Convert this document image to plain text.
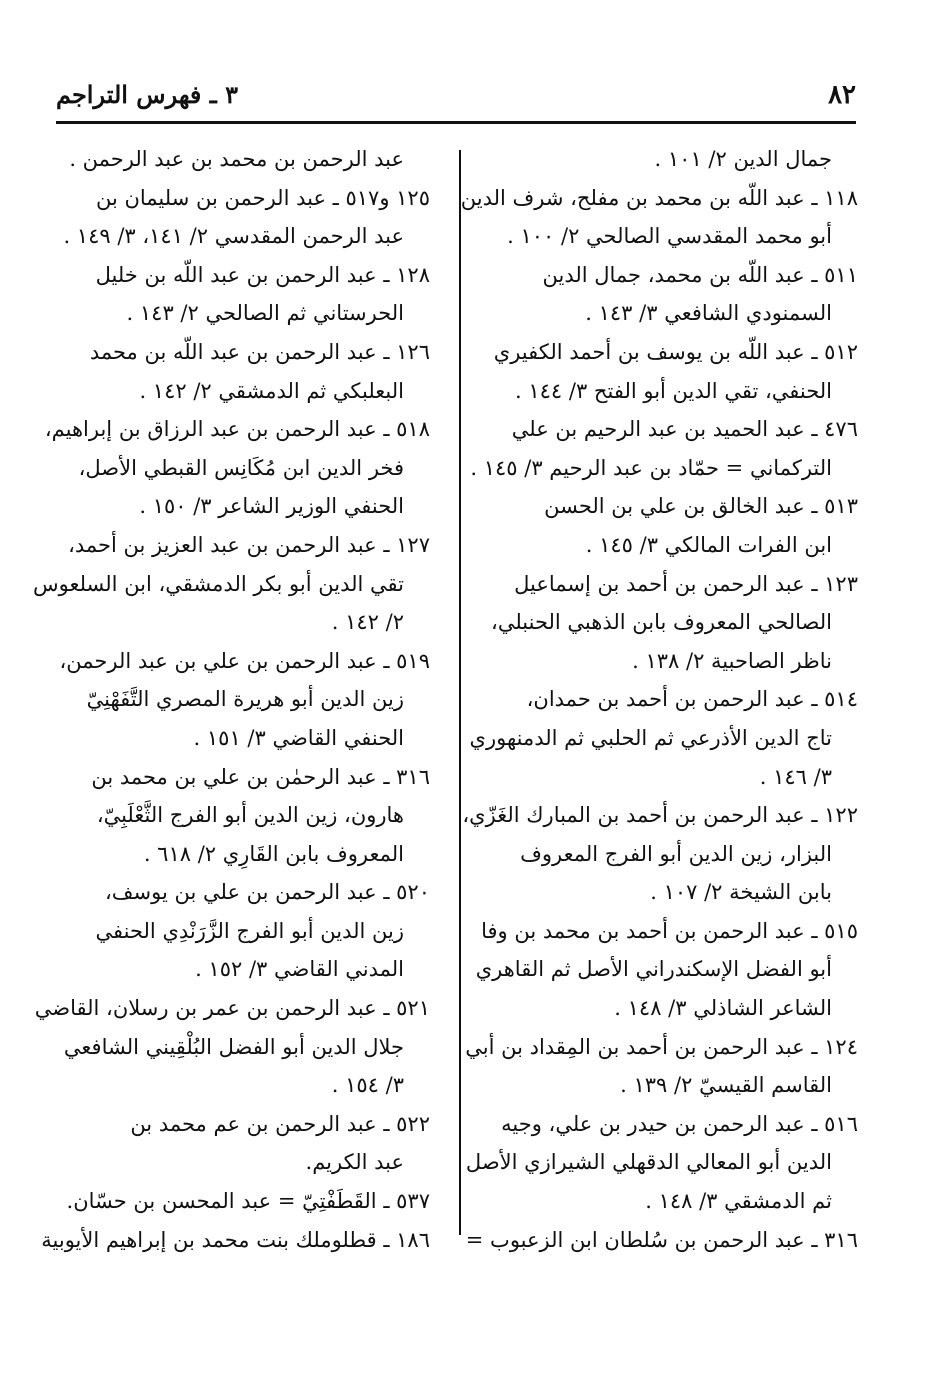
٨٢
٣ ـ فهرس التراجم
جمال الدين ٢/ ١٠١ .
١١٨ ـ عبد اللّه بن محمد بن مفلح، شرف الدين
أبو محمد المقدسي الصالحي ٢/ ١٠٠ .
٥١١ ـ عبد اللّه بن محمد، جمال الدين
السمنودي الشافعي ٣/ ١٤٣ .
٥١٢ ـ عبد اللّه بن يوسف بن أحمد الكفيري
الحنفي، تقي الدين أبو الفتح ٣/ ١٤٤ .
٤٧٦ ـ عبد الحميد بن عبد الرحيم بن علي
التركماني = حمّاد بن عبد الرحيم ٣/ ١٤٥ .
٥١٣ ـ عبد الخالق بن علي بن الحسن
ابن الفرات المالكي ٣/ ١٤٥ .
١٢٣ ـ عبد الرحمن بن أحمد بن إسماعيل
الصالحي المعروف بابن الذهبي الحنبلي،
ناظر الصاحبية ٢/ ١٣٨ .
٥١٤ ـ عبد الرحمن بن أحمد بن حمدان،
تاج الدين الأذرعي ثم الحلبي ثم الدمنهوري
٣/ ١٤٦ .
١٢٢ ـ عبد الرحمن بن أحمد بن المبارك الغَزّي،
البزار، زين الدين أبو الفرج المعروف
بابن الشيخة ٢/ ١٠٧ .
٥١٥ ـ عبد الرحمن بن أحمد بن محمد بن وفا
أبو الفضل الإسكندراني الأصل ثم القاهري
الشاعر الشاذلي ٣/ ١٤٨ .
١٢٤ ـ عبد الرحمن بن أحمد بن المِقداد بن أبي
القاسم القيسيّ ٢/ ١٣٩ .
٥١٦ ـ عبد الرحمن بن حيدر بن علي، وجيه
الدين أبو المعالي الدقهلي الشيرازي الأصل
ثم الدمشقي ٣/ ١٤٨ .
٣١٦ ـ عبد الرحمن بن سُلطان ابن الزعبوب =
عبد الرحمن بن محمد بن عبد الرحمن .
١٢٥ و٥١٧ ـ عبد الرحمن بن سليمان بن
عبد الرحمن المقدسي ٢/ ١٤١، ٣/ ١٤٩ .
١٢٨ ـ عبد الرحمن بن عبد اللّه بن خليل
الحرستاني ثم الصالحي ٢/ ١٤٣ .
١٢٦ ـ عبد الرحمن بن عبد اللّه بن محمد
البعلبكي ثم الدمشقي ٢/ ١٤٢ .
٥١٨ ـ عبد الرحمن بن عبد الرزاق بن إبراهيم،
فخر الدين ابن مُكَانِس القبطي الأصل،
الحنفي الوزير الشاعر ٣/ ١٥٠ .
١٢٧ ـ عبد الرحمن بن عبد العزيز بن أحمد،
تقي الدين أبو بكر الدمشقي، ابن السلعوس
٢/ ١٤٢ .
٥١٩ ـ عبد الرحمن بن علي بن عبد الرحمن،
زين الدين أبو هريرة المصري التَّفَهْنِيّ
الحنفي القاضي ٣/ ١٥١ .
٣١٦ ـ عبد الرحمٰن بن علي بن محمد بن
هارون، زين الدين أبو الفرج الثَّعْلَبِيّ،
المعروف بابن القَارِي ٢/ ٦١٨ .
٥٢٠ ـ عبد الرحمن بن علي بن يوسف،
زين الدين أبو الفرج الزَّرَنْدِي الحنفي
المدني القاضي ٣/ ١٥٢ .
٥٢١ ـ عبد الرحمن بن عمر بن رسلان، القاضي
جلال الدين أبو الفضل البُلْقِيني الشافعي
٣/ ١٥٤ .
٥٢٢ ـ عبد الرحمن بن عم محمد بن
عبد الكريم.
٥٣٧ ـ القَطَفْتِيّ = عبد المحسن بن حسّان.
١٨٦ ـ قطلوملك بنت محمد بن إبراهيم الأيوبية
